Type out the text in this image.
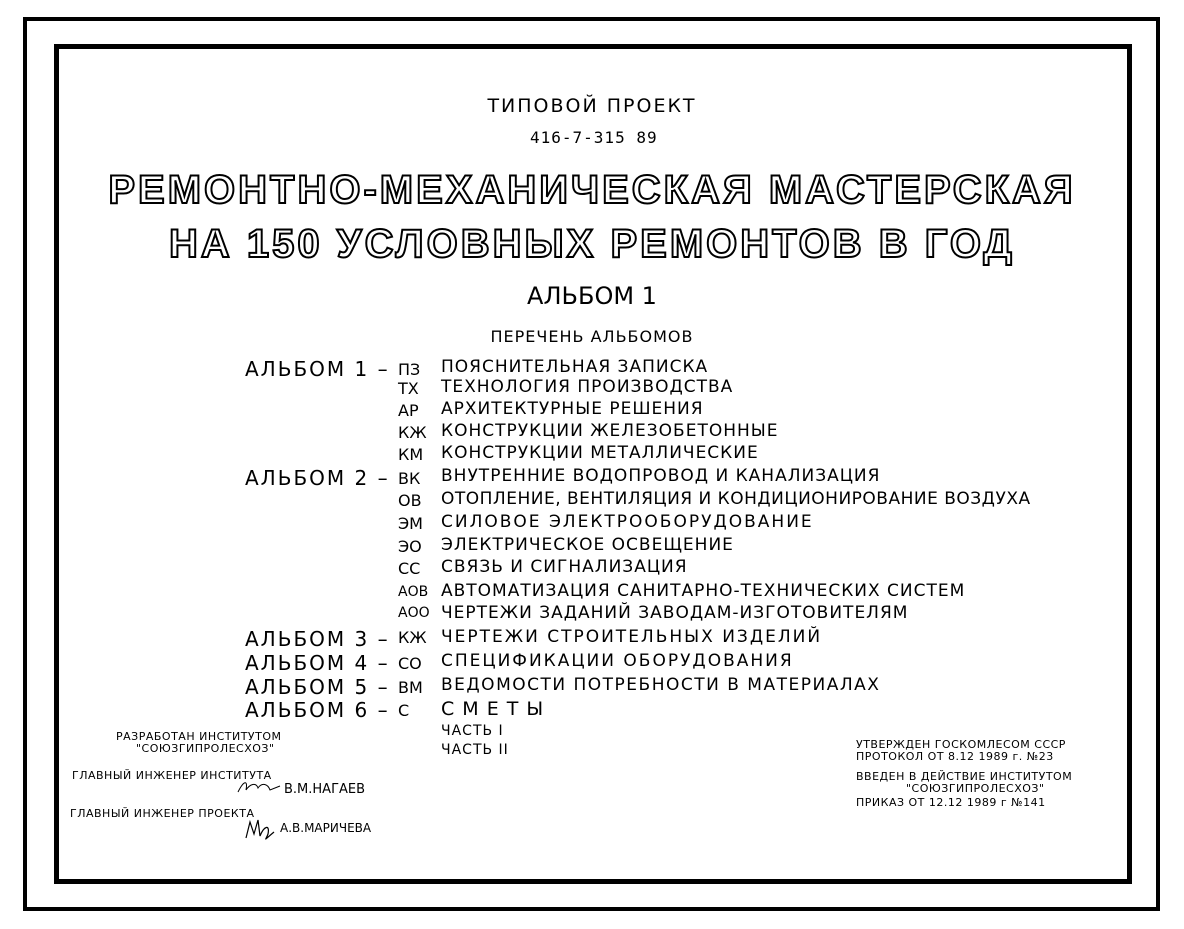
ТИПОВОЙ ПРОЕКТ
416-7-315 89
РЕМОНТНО-МЕХАНИЧЕСКАЯ МАСТЕРСКАЯ
НА 150 УСЛОВНЫХ РЕМОНТОВ В ГОД
АЛЬБОМ 1
ПЕРЕЧЕНЬ АЛЬБОМОВ
АЛЬБОМ 1 –
АЛЬБОМ 2 –
АЛЬБОМ 3 –
АЛЬБОМ 4 –
АЛЬБОМ 5 –
АЛЬБОМ 6 –
ПЗ
ТХ
АР
КЖ
КМ
ВК
ОВ
ЭМ
ЭО
СС
АОВ
АОО
КЖ
СО
ВМ
С
ПОЯСНИТЕЛЬНАЯ ЗАПИСКА
ТЕХНОЛОГИЯ ПРОИЗВОДСТВА
АРХИТЕКТУРНЫЕ РЕШЕНИЯ
КОНСТРУКЦИИ ЖЕЛЕЗОБЕТОННЫЕ
КОНСТРУКЦИИ МЕТАЛЛИЧЕСКИЕ
ВНУТРЕННИЕ ВОДОПРОВОД И КАНАЛИЗАЦИЯ
ОТОПЛЕНИЕ, ВЕНТИЛЯЦИЯ И КОНДИЦИОНИРОВАНИЕ ВОЗДУХА
СИЛОВОЕ ЭЛЕКТРООБОРУДОВАНИЕ
ЭЛЕКТРИЧЕСКОЕ ОСВЕЩЕНИЕ
СВЯЗЬ И СИГНАЛИЗАЦИЯ
АВТОМАТИЗАЦИЯ САНИТАРНО-ТЕХНИЧЕСКИХ СИСТЕМ
ЧЕРТЕЖИ ЗАДАНИЙ ЗАВОДАМ-ИЗГОТОВИТЕЛЯМ
ЧЕРТЕЖИ СТРОИТЕЛЬНЫХ ИЗДЕЛИЙ
СПЕЦИФИКАЦИИ ОБОРУДОВАНИЯ
ВЕДОМОСТИ ПОТРЕБНОСТИ В МАТЕРИАЛАХ
С М Е Т Ы
ЧАСТЬ I
ЧАСТЬ II
РАЗРАБОТАН ИНСТИТУТОМ
"СОЮЗГИПРОЛЕСХОЗ"
ГЛАВНЫЙ ИНЖЕНЕР ИНСТИТУТА
В.М.НАГАЕВ
ГЛАВНЫЙ ИНЖЕНЕР ПРОЕКТА
А.В.МАРИЧЕВА
УТВЕРЖДЕН ГОСКОМЛЕСОМ СССР
ПРОТОКОЛ ОТ 8.12 1989 г. №23
ВВЕДЕН В ДЕЙСТВИЕ ИНСТИТУТОМ
"СОЮЗГИПРОЛЕСХОЗ"
ПРИКАЗ ОТ 12.12 1989 г №141
